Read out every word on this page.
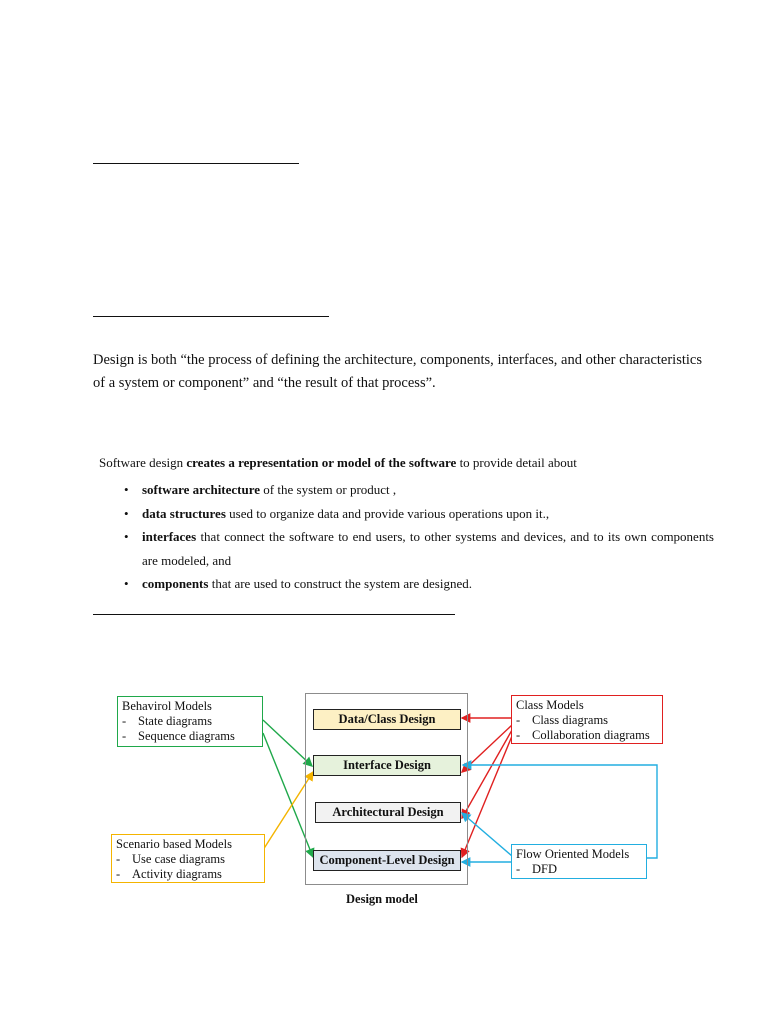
Design is both “the process of defining the architecture, components, interfaces, and other characteristics of a system or component” and “the result of that process”.

Software design creates a representation or model of the software to provide detail about

• software architecture of the system or product ,
• data structures used to organize data and provide various operations upon it.,
• interfaces that connect the software to end users, to other systems and devices, and to its own components are modeled, and
• components that are used to construct the system are designed.
Data/Class Design
Interface Design
Architectural Design
Component-Level Design
Design model
Behavirol Models
- State diagrams
- Sequence diagrams
Scenario based Models
- Use case diagrams
- Activity diagrams
Class Models
- Class diagrams
- Collaboration diagrams
Flow Oriented Models
- DFD
